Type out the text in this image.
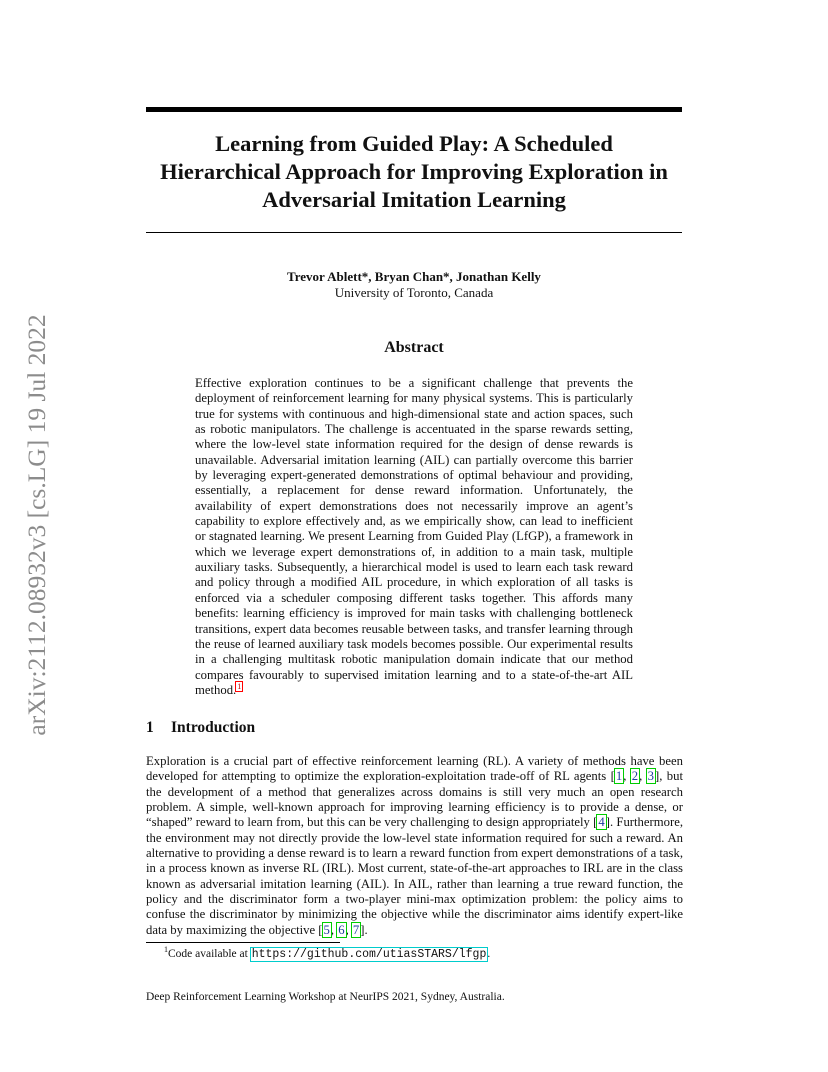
arXiv:2112.08932v3 [cs.LG] 19 Jul 2022
Learning from Guided Play: A Scheduled
Hierarchical Approach for Improving Exploration in
Adversarial Imitation Learning
Trevor Ablett*, Bryan Chan*, Jonathan Kelly
University of Toronto, Canada
Abstract
Effective exploration continues to be a significant challenge that prevents the deployment of reinforcement learning for many physical systems. This is particularly true for systems with continuous and high-dimensional state and action spaces, such as robotic manipulators. The challenge is accentuated in the sparse rewards setting, where the low-level state information required for the design of dense rewards is unavailable. Adversarial imitation learning (AIL) can partially overcome this barrier by leveraging expert-generated demonstrations of optimal behaviour and providing, essentially, a replacement for dense reward information. Unfortunately, the availability of expert demonstrations does not necessarily improve an agent’s capability to explore effectively and, as we empirically show, can lead to inefficient or stagnated learning. We present Learning from Guided Play (LfGP), a framework in which we leverage expert demonstrations of, in addition to a main task, multiple auxiliary tasks. Subsequently, a hierarchical model is used to learn each task reward and policy through a modified AIL procedure, in which exploration of all tasks is enforced via a scheduler composing different tasks together. This affords many benefits: learning efficiency is improved for main tasks with challenging bottleneck transitions, expert data becomes reusable between tasks, and transfer learning through the reuse of learned auxiliary task models becomes possible. Our experimental results in a challenging multitask robotic manipulation domain indicate that our method compares favourably to supervised imitation learning and to a state-of-the-art AIL method.$^1$
1 Introduction
Exploration is a crucial part of effective reinforcement learning (RL). A variety of methods have been developed for attempting to optimize the exploration-exploitation trade-off of RL agents [1, 2, 3], but the development of a method that generalizes across domains is still very much an open research problem. A simple, well-known approach for improving learning efficiency is to provide a dense, or “shaped” reward to learn from, but this can be very challenging to design appropriately [4]. Furthermore, the environment may not directly provide the low-level state information required for such a reward. An alternative to providing a dense reward is to learn a reward function from expert demonstrations of a task, in a process known as inverse RL (IRL). Most current, state-of-the-art approaches to IRL are in the class known as adversarial imitation learning (AIL). In AIL, rather than learning a true reward function, the policy and the discriminator form a two-player mini-max optimization problem: the policy aims to confuse the discriminator by minimizing the objective while the discriminator aims identify expert-like data by maximizing the objective [5, 6, 7].
$^1$Code available at https://github.com/utiasSTARS/lfgp.
Deep Reinforcement Learning Workshop at NeurIPS 2021, Sydney, Australia.
